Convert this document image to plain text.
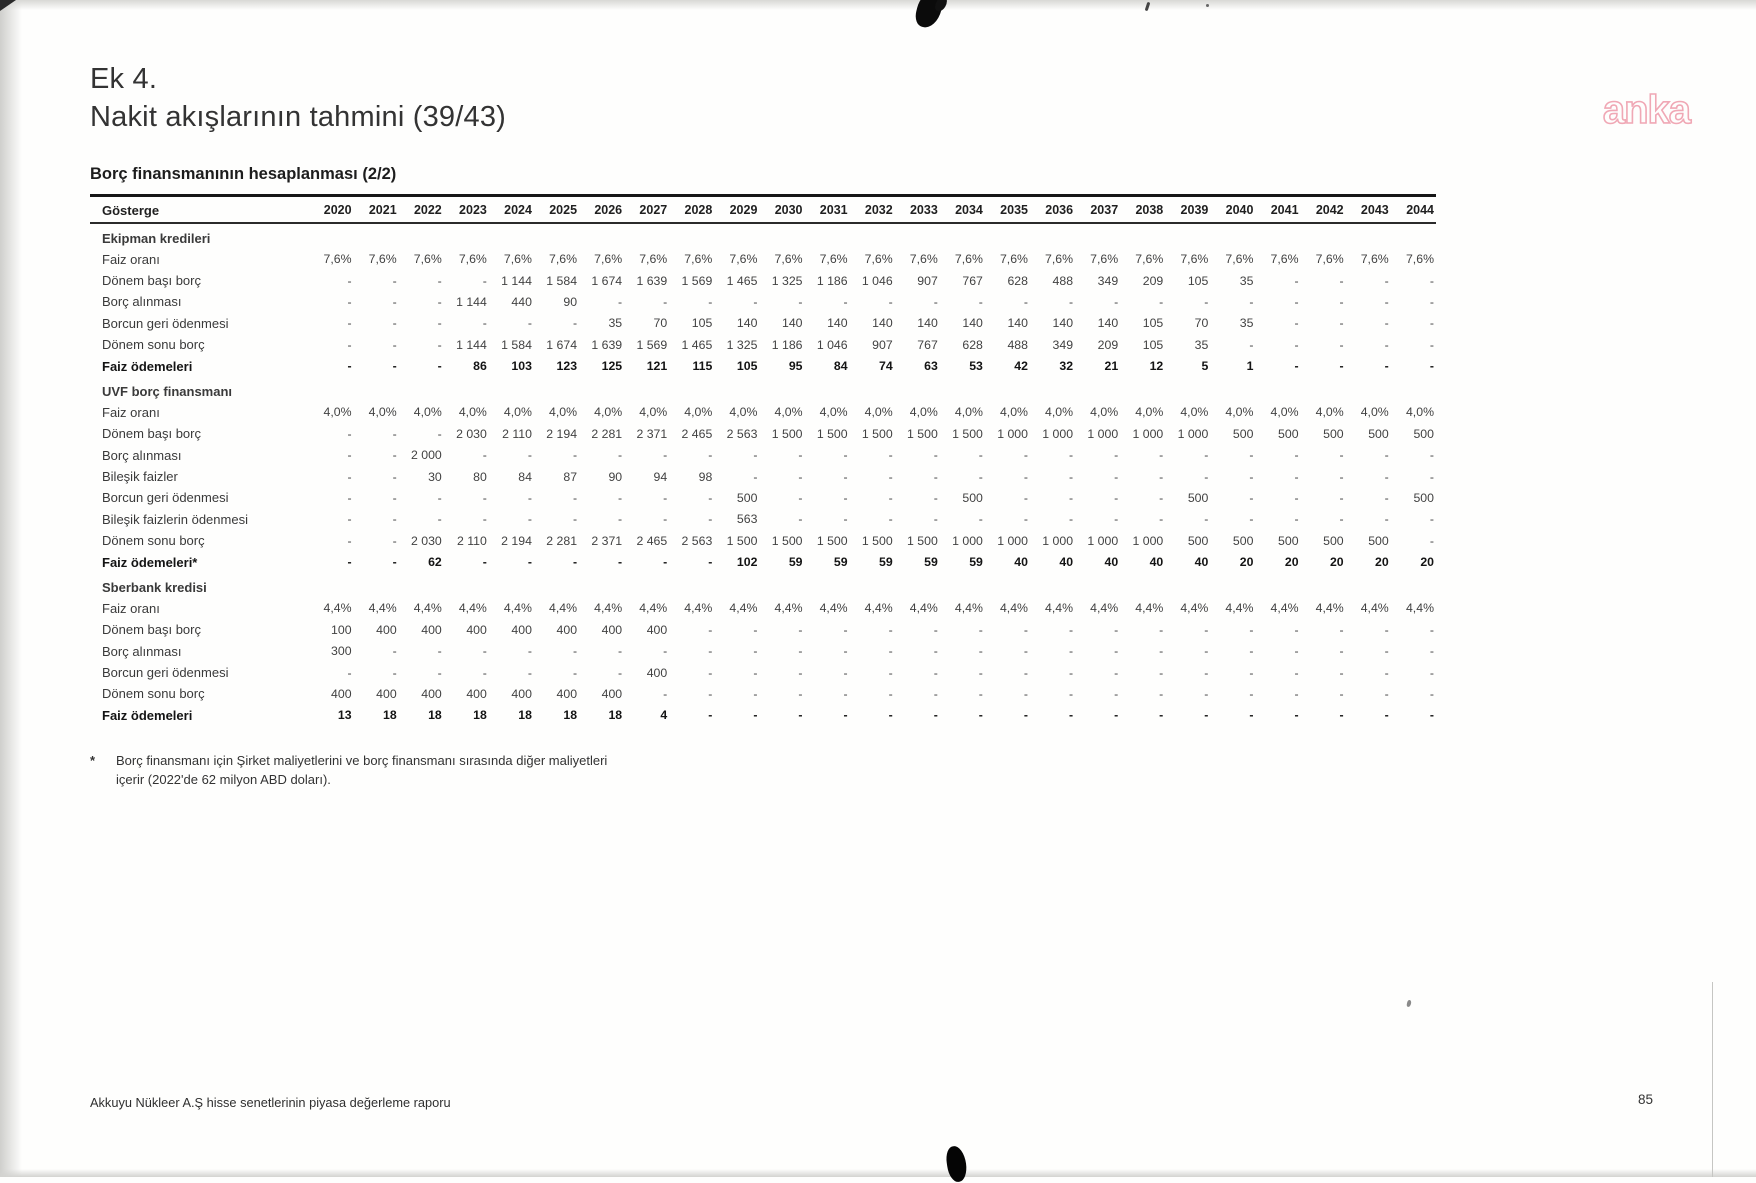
anka
Ek 4.
Nakit akışlarının tahmini (39/43)
Borç finansmanının hesaplanması (2/2)
Gösterge	2020	2021	2022	2023	2024	2025	2026	2027	2028	2029	2030	2031	2032	2033	2034	2035	2036	2037	2038	2039	2040	2041	2042	2043	2044
Ekipman kredileri																									
Faiz oranı	7,6%	7,6%	7,6%	7,6%	7,6%	7,6%	7,6%	7,6%	7,6%	7,6%	7,6%	7,6%	7,6%	7,6%	7,6%	7,6%	7,6%	7,6%	7,6%	7,6%	7,6%	7,6%	7,6%	7,6%	7,6%
Dönem başı borç	-	-	-	-	1 144	1 584	1 674	1 639	1 569	1 465	1 325	1 186	1 046	907	767	628	488	349	209	105	35	-	-	-	-
Borç alınması	-	-	-	1 144	440	90	-	-	-	-	-	-	-	-	-	-	-	-	-	-	-	-	-	-	-
Borcun geri ödenmesi	-	-	-	-	-	-	35	70	105	140	140	140	140	140	140	140	140	140	105	70	35	-	-	-	-
Dönem sonu borç	-	-	-	1 144	1 584	1 674	1 639	1 569	1 465	1 325	1 186	1 046	907	767	628	488	349	209	105	35	-	-	-	-	-
Faiz ödemeleri	-	-	-	86	103	123	125	121	115	105	95	84	74	63	53	42	32	21	12	5	1	-	-	-	-
UVF borç finansmanı																									
Faiz oranı	4,0%	4,0%	4,0%	4,0%	4,0%	4,0%	4,0%	4,0%	4,0%	4,0%	4,0%	4,0%	4,0%	4,0%	4,0%	4,0%	4,0%	4,0%	4,0%	4,0%	4,0%	4,0%	4,0%	4,0%	4,0%
Dönem başı borç	-	-	-	2 030	2 110	2 194	2 281	2 371	2 465	2 563	1 500	1 500	1 500	1 500	1 500	1 000	1 000	1 000	1 000	1 000	500	500	500	500	500
Borç alınması	-	-	2 000	-	-	-	-	-	-	-	-	-	-	-	-	-	-	-	-	-	-	-	-	-	-
Bileşik faizler	-	-	30	80	84	87	90	94	98	-	-	-	-	-	-	-	-	-	-	-	-	-	-	-	-
Borcun geri ödenmesi	-	-	-	-	-	-	-	-	-	500	-	-	-	-	500	-	-	-	-	500	-	-	-	-	500
Bileşik faizlerin ödenmesi	-	-	-	-	-	-	-	-	-	563	-	-	-	-	-	-	-	-	-	-	-	-	-	-	-
Dönem sonu borç	-	-	2 030	2 110	2 194	2 281	2 371	2 465	2 563	1 500	1 500	1 500	1 500	1 500	1 000	1 000	1 000	1 000	1 000	500	500	500	500	500	-
Faiz ödemeleri*	-	-	62	-	-	-	-	-	-	102	59	59	59	59	59	40	40	40	40	40	20	20	20	20	20
Sberbank kredisi																									
Faiz oranı	4,4%	4,4%	4,4%	4,4%	4,4%	4,4%	4,4%	4,4%	4,4%	4,4%	4,4%	4,4%	4,4%	4,4%	4,4%	4,4%	4,4%	4,4%	4,4%	4,4%	4,4%	4,4%	4,4%	4,4%	4,4%
Dönem başı borç	100	400	400	400	400	400	400	400	-	-	-	-	-	-	-	-	-	-	-	-	-	-	-	-	-
Borç alınması	300	-	-	-	-	-	-	-	-	-	-	-	-	-	-	-	-	-	-	-	-	-	-	-	-
Borcun geri ödenmesi	-	-	-	-	-	-	-	400	-	-	-	-	-	-	-	-	-	-	-	-	-	-	-	-	-
Dönem sonu borç	400	400	400	400	400	400	400	-	-	-	-	-	-	-	-	-	-	-	-	-	-	-	-	-	-
Faiz ödemeleri	13	18	18	18	18	18	18	4	-	-	-	-	-	-	-	-	-	-	-	-	-	-	-	-	-
*	Borç finansmanı için Şirket maliyetlerini ve borç finansmanı sırasında diğer maliyetleri
içerir (2022'de 62 milyon ABD doları).
Akkuyu Nükleer A.Ş hisse senetlerinin piyasa değerleme raporu	85
